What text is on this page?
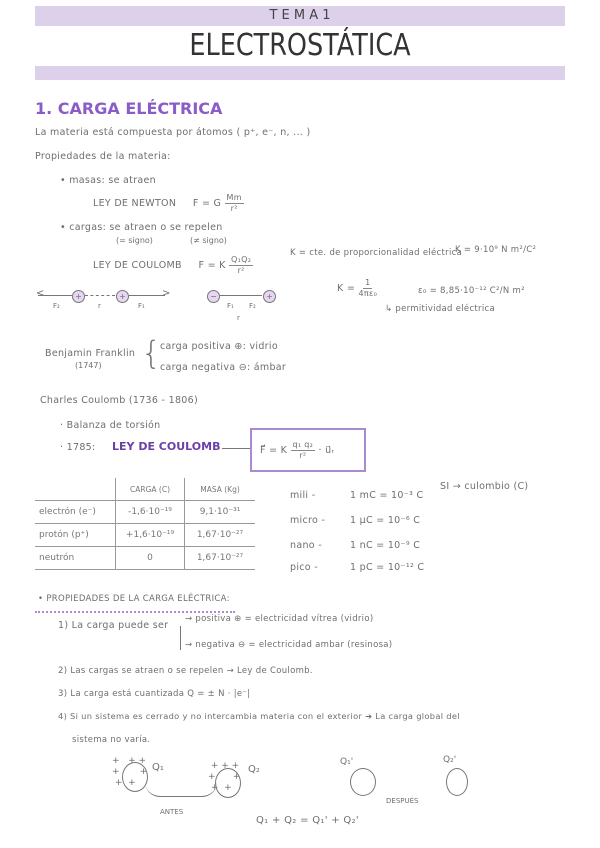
T E M A 1
ELECTROSTÁTICA
1. CARGA ELÉCTRICA
La materia está compuesta por átomos ( p⁺, e⁻, n, ... )
Propiedades de la materia:
• masas: se atraen
LEY DE NEWTON F = G $\frac{Mm}{\text{r²}}$
• cargas: se atraen o se repelen
(= signo)	(≠ signo)
LEY DE COULOMB F = K $\frac{\text{Q₁Q₂}}{\text{r²}}$
K = cte. de proporcionalidad eléctrica
K = 9·10⁹ N m²/C²
$K = \frac{1}{\text{4πε₀}}$	ε₀ = 8,85·10⁻¹² C²/N m²
↳ permitividad eléctrica
<	+	+	>
F₂	r	F₁
−	+
F₁ F₂
r
Benjamin Franklin
(1747) {
carga positiva ⊕: vidrio
carga negativa ⊖: ámbar
Charles Coulomb (1736 - 1806)
· Balanza de torsión
· 1785: LEY DE COULOMB	F⃗ = K $\frac{\text{q₁ q₂}}{\text{r²}}$ · u⃗ᵣ
	CARGA (C)	MASA (Kg)
electrón (e⁻)	-1,6·10⁻¹⁹	9,1·10⁻³¹
protón (p⁺)	+1,6·10⁻¹⁹	1,67·10⁻²⁷
neutrón	0	1,67·10⁻²⁷
SI → culombio (C)
mili -	1 mC = 10⁻³ C
micro -	1 μC = 10⁻⁶ C
nano -	1 nC = 10⁻⁹ C
pico -	1 pC = 10⁻¹² C
• PROPIEDADES DE LA CARGA ELÉCTRICA:
1) La carga puede ser
→ positiva ⊕ = electricidad vítrea (vidrio)
→ negativa ⊖ = electricidad ambar (resinosa)
2) Las cargas se atraen o se repelen → Ley de Coulomb.
3) La carga está cuantizada Q = ± N · |e⁻|
4) Si un sistema es cerrado y no intercambia materia con el exterior ➔ La carga global del
sistema no varía.
+   + +
+       +
+  +
Q₁	+ + +
+      +
+  +
Q₂
ANTES
Q₁'	Q₂'
DESPUÉS
Q₁ + Q₂ = Q₁' + Q₂'
